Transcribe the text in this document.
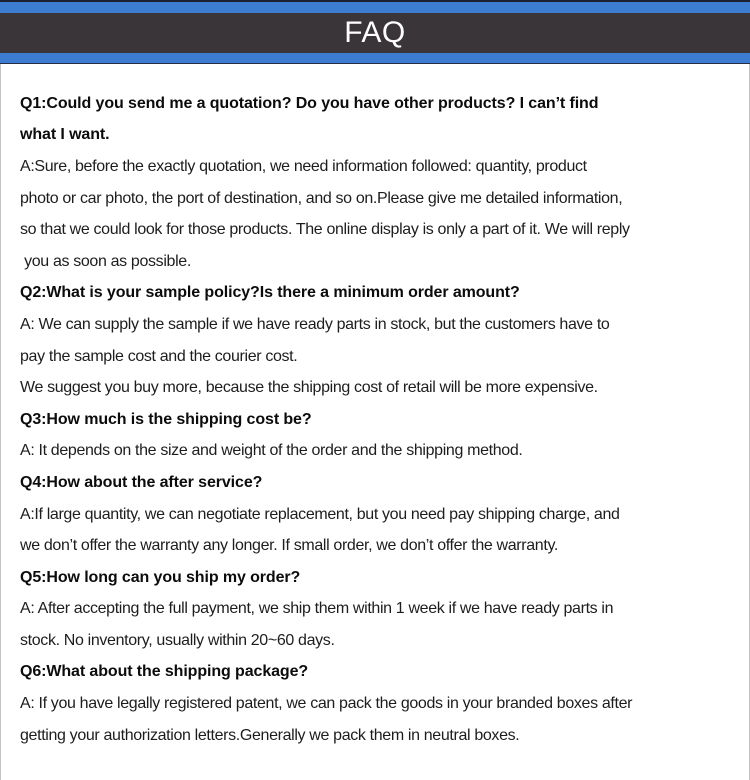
FAQ
Q1:Could you send me a quotation? Do you have other products? I can’t find
what I want.
A:Sure, before the exactly quotation, we need information followed: quantity, product
photo or car photo, the port of destination, and so on.Please give me detailed information,
so that we could look for those products. The online display is only a part of it. We will reply
you as soon as possible.
Q2:What is your sample policy?Is there a minimum order amount?
A: We can supply the sample if we have ready parts in stock, but the customers have to
pay the sample cost and the courier cost.
We suggest you buy more, because the shipping cost of retail will be more expensive.
Q3:How much is the shipping cost be?
A: It depends on the size and weight of the order and the shipping method.
Q4:How about the after service?
A:If large quantity, we can negotiate replacement, but you need pay shipping charge, and
we don’t offer the warranty any longer. If small order, we don’t offer the warranty.
Q5:How long can you ship my order?
A: After accepting the full payment, we ship them within 1 week if we have ready parts in
stock. No inventory, usually within 20~60 days.
Q6:What about the shipping package?
A: If you have legally registered patent, we can pack the goods in your branded boxes after
getting your authorization letters.Generally we pack them in neutral boxes.
